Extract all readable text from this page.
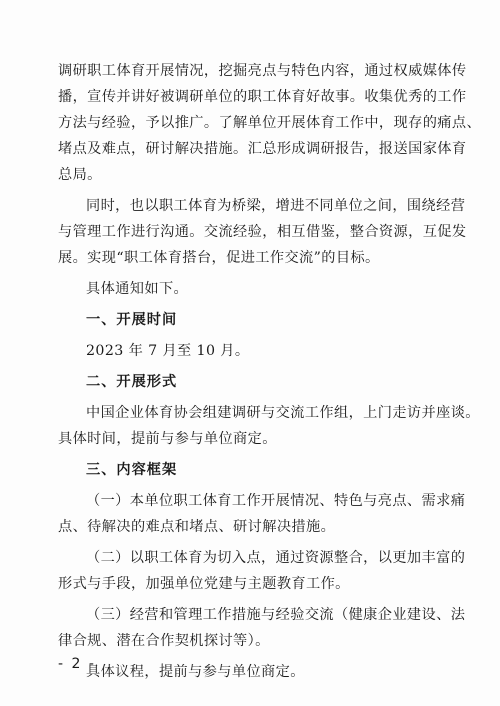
调研职工体育开展情况，挖掘亮点与特色内容，通过权威媒体传
播，宣传并讲好被调研单位的职工体育好故事。收集优秀的工作
方法与经验，予以推广。了解单位开展体育工作中，现存的痛点、
堵点及难点，研讨解决措施。汇总形成调研报告，报送国家体育
总局。
同时，也以职工体育为桥梁，增进不同单位之间，围绕经营
与管理工作进行沟通。交流经验，相互借鉴，整合资源，互促发
展。实现“职工体育搭台，促进工作交流”的目标。
具体通知如下。
一、开展时间
2023 年 7 月至 10 月。
二、开展形式
中国企业体育协会组建调研与交流工作组，上门走访并座谈。
具体时间，提前与参与单位商定。
三、内容框架
（一）本单位职工体育工作开展情况、特色与亮点、需求痛
点、待解决的难点和堵点、研讨解决措施。
（二）以职工体育为切入点，通过资源整合，以更加丰富的
形式与手段，加强单位党建与主题教育工作。
（三）经营和管理工作措施与经验交流（健康企业建设、法
律合规、潜在合作契机探讨等）。
具体议程，提前与参与单位商定。
- 2 -
